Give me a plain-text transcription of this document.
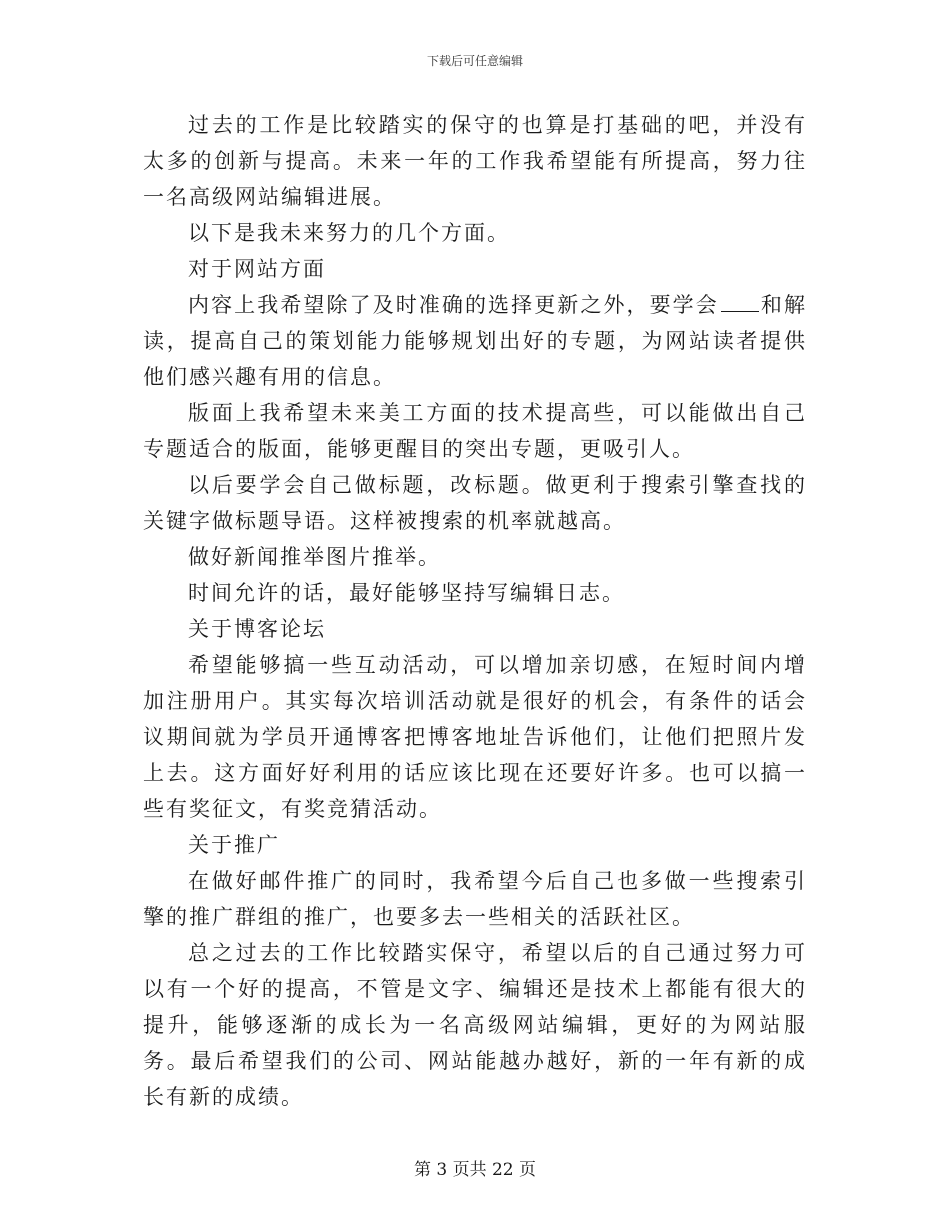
下载后可任意编辑

过去的工作是比较踏实的保守的也算是打基础的吧，并没有太多的创新与提高。未来一年的工作我希望能有所提高，努力往一名高级网站编辑进展。

以下是我未来努力的几个方面。

对于网站方面

内容上我希望除了及时准确的选择更新之外，要学会 和解读，提高自己的策划能力能够规划出好的专题，为网站读者提供他们感兴趣有用的信息。

版面上我希望未来美工方面的技术提高些，可以能做出自己专题适合的版面，能够更醒目的突出专题，更吸引人。

以后要学会自己做标题，改标题。做更利于搜索引擎查找的关键字做标题导语。这样被搜索的机率就越高。

做好新闻推举图片推举。

时间允许的话，最好能够坚持写编辑日志。

关于博客论坛

希望能够搞一些互动活动，可以增加亲切感，在短时间内增加注册用户。其实每次培训活动就是很好的机会，有条件的话会议期间就为学员开通博客把博客地址告诉他们，让他们把照片发上去。这方面好好利用的话应该比现在还要好许多。也可以搞一些有奖征文，有奖竞猜活动。

关于推广

在做好邮件推广的同时，我希望今后自己也多做一些搜索引擎的推广群组的推广，也要多去一些相关的活跃社区。

总之过去的工作比较踏实保守，希望以后的自己通过努力可以有一个好的提高，不管是文字、编辑还是技术上都能有很大的提升，能够逐渐的成长为一名高级网站编辑，更好的为网站服务。最后希望我们的公司、网站能越办越好，新的一年有新的成长有新的成绩。

第 3 页共 22 页
